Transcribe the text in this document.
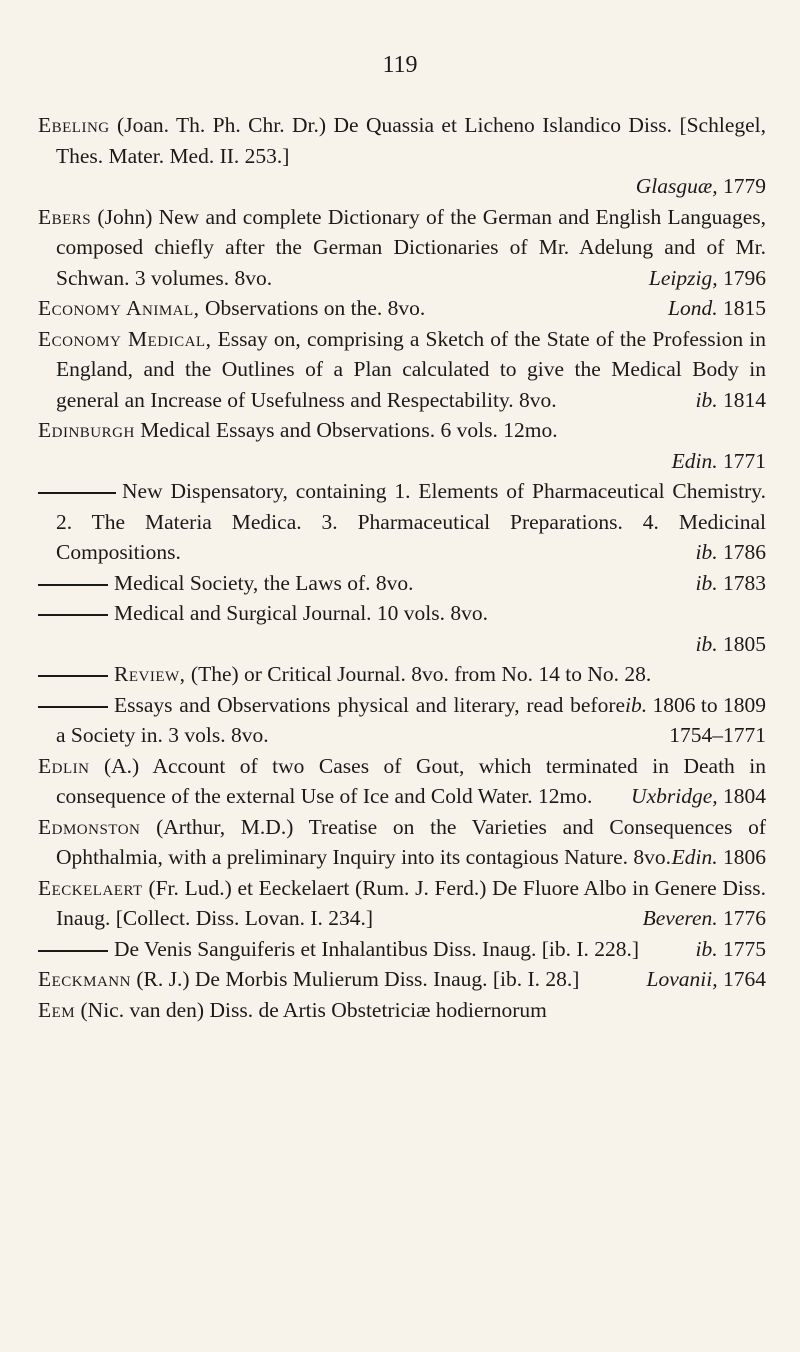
119

Ebeling (Joan. Th. Ph. Chr. Dr.) De Quassia et Licheno Islandico Diss. [Schlegel, Thes. Mater. Med. II. 253.]
Glasguæ, 1779

Ebers (John) New and complete Dictionary of the German and English Languages, composed chiefly after the German Dictionaries of Mr. Adelung and of Mr. Schwan. 3 volumes. 8vo.	Leipzig, 1796

Economy Animal, Observations on the. 8vo.	Lond. 1815

Economy Medical, Essay on, comprising a Sketch of the State of the Profession in England, and the Outlines of a Plan calculated to give the Medical Body in general an Increase of Usefulness and Respectability. 8vo.	ib. 1814

Edinburgh Medical Essays and Observations. 6 vols. 12mo.
Edin. 1771

New Dispensatory, containing 1. Elements of Pharmaceutical Chemistry. 2. The Materia Medica. 3. Pharmaceutical Preparations. 4. Medicinal Compositions.	ib. 1786

Medical Society, the Laws of. 8vo.	ib. 1783

Medical and Surgical Journal. 10 vols. 8vo.
ib. 1805

Review, (The) or Critical Journal. 8vo. from No. 14 to No. 28.
ib. 1806 to 1809

Essays and Observations physical and literary, read before a Society in. 3 vols. 8vo.	1754–1771

Edlin (A.) Account of two Cases of Gout, which terminated in Death in consequence of the external Use of Ice and Cold Water. 12mo. Uxbridge, 1804

Edmonston (Arthur, M.D.) Treatise on the Varieties and Consequences of Ophthalmia, with a preliminary Inquiry into its contagious Nature. 8vo. Edin. 1806

Eeckelaert (Fr. Lud.) et Eeckelaert (Rum. J. Ferd.) De Fluore Albo in Genere Diss. Inaug. [Collect. Diss. Lovan. I. 234.]	Beveren. 1776

De Venis Sanguiferis et Inhalantibus Diss. Inaug. [ib. I. 228.]	ib. 1775

Eeckmann (R. J.) De Morbis Mulierum Diss. Inaug. [ib. I. 28.]	Lovanii, 1764

Eem (Nic. van den) Diss. de Artis Obstetriciæ hodiernorum
